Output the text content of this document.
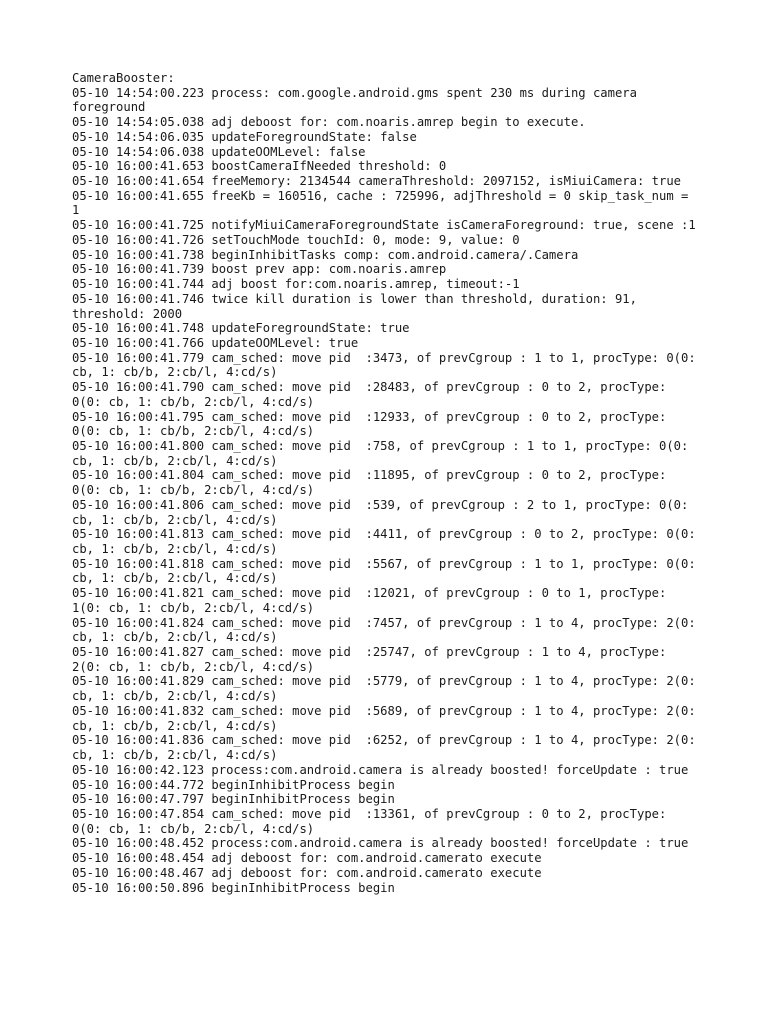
CameraBooster:
05-10 14:54:00.223 process: com.google.android.gms spent 230 ms during camera foreground
05-10 14:54:05.038 adj deboost for: com.noaris.amrep begin to execute.
05-10 14:54:06.035 updateForegroundState: false
05-10 14:54:06.038 updateOOMLevel: false
05-10 16:00:41.653 boostCameraIfNeeded threshold: 0
05-10 16:00:41.654 freeMemory: 2134544 cameraThreshold: 2097152, isMiuiCamera: true
05-10 16:00:41.655 freeKb = 160516, cache : 725996, adjThreshold = 0 skip_task_num = 1
05-10 16:00:41.725 notifyMiuiCameraForegroundState isCameraForeground: true, scene :1
05-10 16:00:41.726 setTouchMode touchId: 0, mode: 9, value: 0
05-10 16:00:41.738 beginInhibitTasks comp: com.android.camera/.Camera
05-10 16:00:41.739 boost prev app: com.noaris.amrep
05-10 16:00:41.744 adj boost for:com.noaris.amrep, timeout:-1
05-10 16:00:41.746 twice kill duration is lower than threshold, duration: 91, threshold: 2000
05-10 16:00:41.748 updateForegroundState: true
05-10 16:00:41.766 updateOOMLevel: true
05-10 16:00:41.779 cam_sched: move pid  :3473, of prevCgroup : 1 to 1, procType: 0(0: cb, 1: cb/b, 2:cb/l, 4:cd/s)
05-10 16:00:41.790 cam_sched: move pid  :28483, of prevCgroup : 0 to 2, procType: 0(0: cb, 1: cb/b, 2:cb/l, 4:cd/s)
05-10 16:00:41.795 cam_sched: move pid  :12933, of prevCgroup : 0 to 2, procType: 0(0: cb, 1: cb/b, 2:cb/l, 4:cd/s)
05-10 16:00:41.800 cam_sched: move pid  :758, of prevCgroup : 1 to 1, procType: 0(0: cb, 1: cb/b, 2:cb/l, 4:cd/s)
05-10 16:00:41.804 cam_sched: move pid  :11895, of prevCgroup : 0 to 2, procType: 0(0: cb, 1: cb/b, 2:cb/l, 4:cd/s)
05-10 16:00:41.806 cam_sched: move pid  :539, of prevCgroup : 2 to 1, procType: 0(0: cb, 1: cb/b, 2:cb/l, 4:cd/s)
05-10 16:00:41.813 cam_sched: move pid  :4411, of prevCgroup : 0 to 2, procType: 0(0: cb, 1: cb/b, 2:cb/l, 4:cd/s)
05-10 16:00:41.818 cam_sched: move pid  :5567, of prevCgroup : 1 to 1, procType: 0(0: cb, 1: cb/b, 2:cb/l, 4:cd/s)
05-10 16:00:41.821 cam_sched: move pid  :12021, of prevCgroup : 0 to 1, procType: 1(0: cb, 1: cb/b, 2:cb/l, 4:cd/s)
05-10 16:00:41.824 cam_sched: move pid  :7457, of prevCgroup : 1 to 4, procType: 2(0: cb, 1: cb/b, 2:cb/l, 4:cd/s)
05-10 16:00:41.827 cam_sched: move pid  :25747, of prevCgroup : 1 to 4, procType: 2(0: cb, 1: cb/b, 2:cb/l, 4:cd/s)
05-10 16:00:41.829 cam_sched: move pid  :5779, of prevCgroup : 1 to 4, procType: 2(0: cb, 1: cb/b, 2:cb/l, 4:cd/s)
05-10 16:00:41.832 cam_sched: move pid  :5689, of prevCgroup : 1 to 4, procType: 2(0: cb, 1: cb/b, 2:cb/l, 4:cd/s)
05-10 16:00:41.836 cam_sched: move pid  :6252, of prevCgroup : 1 to 4, procType: 2(0: cb, 1: cb/b, 2:cb/l, 4:cd/s)
05-10 16:00:42.123 process:com.android.camera is already boosted! forceUpdate : true
05-10 16:00:44.772 beginInhibitProcess begin
05-10 16:00:47.797 beginInhibitProcess begin
05-10 16:00:47.854 cam_sched: move pid  :13361, of prevCgroup : 0 to 2, procType: 0(0: cb, 1: cb/b, 2:cb/l, 4:cd/s)
05-10 16:00:48.452 process:com.android.camera is already boosted! forceUpdate : true
05-10 16:00:48.454 adj deboost for: com.android.camerato execute
05-10 16:00:48.467 adj deboost for: com.android.camerato execute
05-10 16:00:50.896 beginInhibitProcess begin
